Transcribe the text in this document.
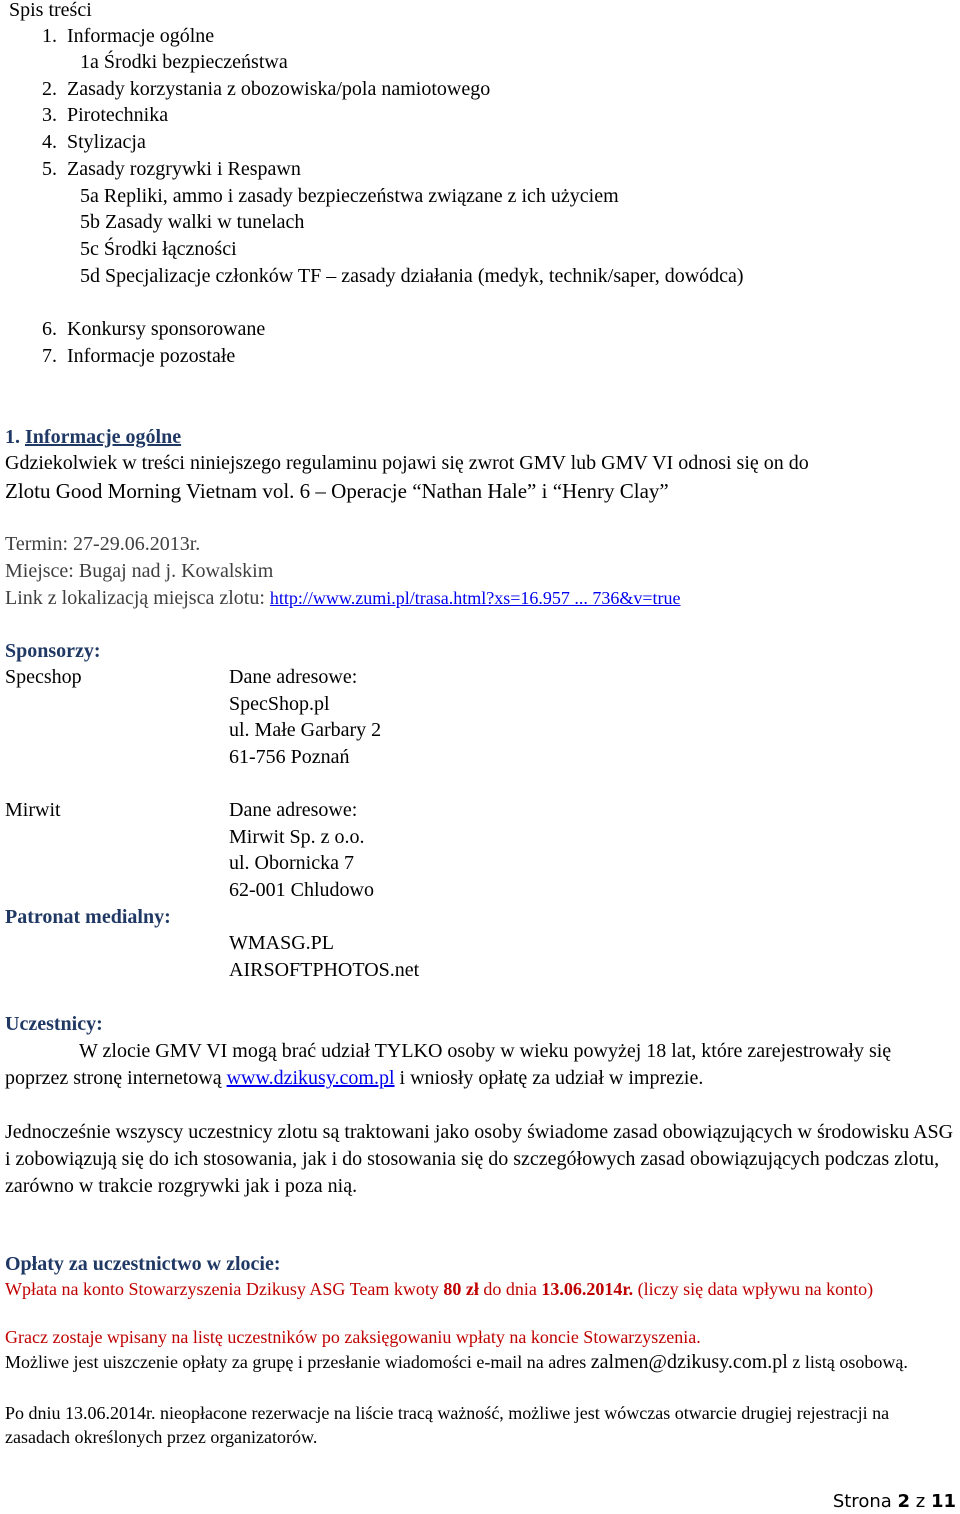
Spis treści
1.  Informacje ogólne
1a Środki bezpieczeństwa
2.  Zasady korzystania z obozowiska/pola namiotowego
3.  Pirotechnika
4.  Stylizacja
5.  Zasady rozgrywki i Respawn
5a Repliki, ammo i zasady bezpieczeństwa związane z ich użyciem
5b Zasady walki w tunelach
5c Środki łączności
5d Specjalizacje członków TF – zasady działania (medyk, technik/saper, dowódca)
6.  Konkursy sponsorowane
7.  Informacje pozostałe
1. Informacje ogólne
Gdziekolwiek w treści niniejszego regulaminu pojawi się zwrot GMV lub GMV VI odnosi się on do
Zlotu Good Morning Vietnam vol. 6 – Operacje “Nathan Hale” i “Henry Clay”
Termin: 27-29.06.2013r.
Miejsce: Bugaj nad j. Kowalskim
Link z lokalizacją miejsca zlotu: http://www.zumi.pl/trasa.html?xs=16.957 ... 736&v=true
Sponsorzy:
Specshop	Dane adresowe:
SpecShop.pl
ul. Małe Garbary 2
61-756 Poznań
Mirwit	Dane adresowe:
Mirwit Sp. z o.o.
ul. Obornicka 7
62-001 Chludowo
Patronat medialny:
WMASG.PL
AIRSOFTPHOTOS.net
Uczestnicy:
W zlocie GMV VI mogą brać udział TYLKO osoby w wieku powyżej 18 lat, które zarejestrowały się poprzez stronę internetową www.dzikusy.com.pl i wniosły opłatę za udział w imprezie.
Jednocześnie wszyscy uczestnicy zlotu są traktowani jako osoby świadome zasad obowiązujących w środowisku ASG i zobowiązują się do ich stosowania, jak i do stosowania się do szczegółowych zasad obowiązujących podczas zlotu, zarówno w trakcie rozgrywki jak i poza nią.
Opłaty za uczestnictwo w zlocie:
Wpłata na konto Stowarzyszenia Dzikusy ASG Team kwoty 80 zł do dnia 13.06.2014r. (liczy się data wpływu na konto)
Gracz zostaje wpisany na listę uczestników po zaksięgowaniu wpłaty na koncie Stowarzyszenia.
Możliwe jest uiszczenie opłaty za grupę i przesłanie wiadomości e-mail na adres zalmen@dzikusy.com.pl z listą osobową.
Po dniu 13.06.2014r. nieopłacone rezerwacje na liście tracą ważność, możliwe jest wówczas otwarcie drugiej rejestracji na zasadach określonych przez organizatorów.
Strona 2 z 11
